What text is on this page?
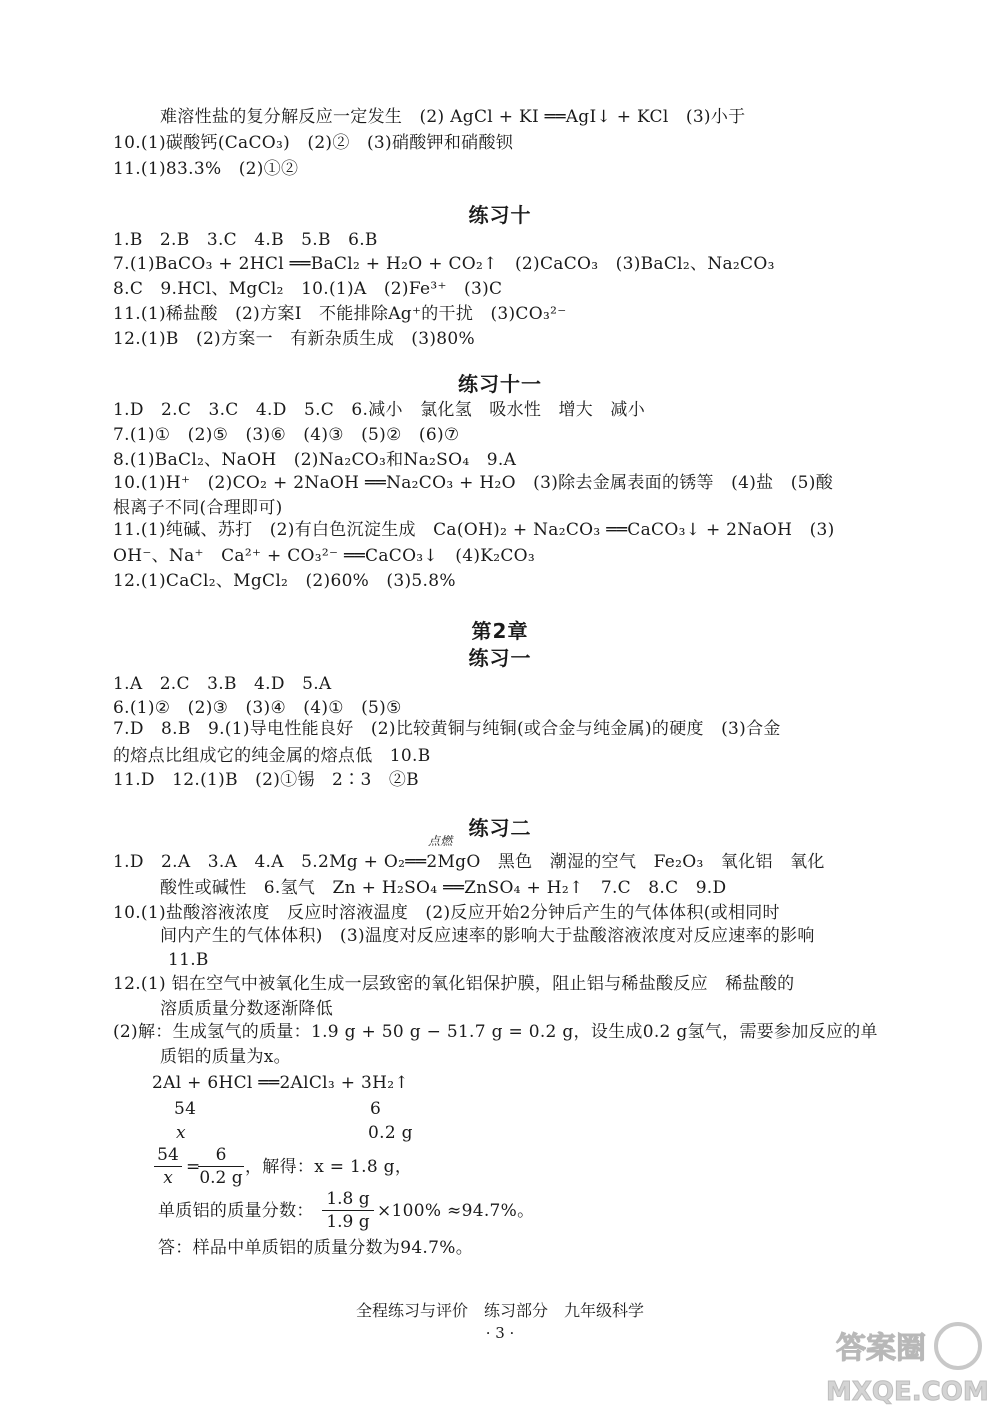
难溶性盐的复分解反应一定发生　(2) AgCl + KI ══AgI↓ + KCl　(3)小于
10.(1)碳酸钙(CaCO₃)　(2)②　(3)硝酸钾和硝酸钡
11.(1)83.3%　(2)①②
练习十
1.B　2.B　3.C　4.B　5.B　6.B
7.(1)BaCO₃ + 2HCl ══BaCl₂ + H₂O + CO₂↑　(2)CaCO₃　(3)BaCl₂、Na₂CO₃
8.C　9.HCl、MgCl₂　10.(1)A　(2)Fe³⁺　(3)C
11.(1)稀盐酸　(2)方案Ⅰ　不能排除Ag⁺的干扰　(3)CO₃²⁻
12.(1)B　(2)方案一　有新杂质生成　(3)80%
练习十一
1.D　2.C　3.C　4.D　5.C　6.减小　氯化氢　吸水性　增大　减小
7.(1)①　(2)⑤　(3)⑥　(4)③　(5)②　(6)⑦
8.(1)BaCl₂、NaOH　(2)Na₂CO₃和Na₂SO₄　9.A
10.(1)H⁺　(2)CO₂ + 2NaOH ══Na₂CO₃ + H₂O　(3)除去金属表面的锈等　(4)盐　(5)酸
根离子不同(合理即可)
11.(1)纯碱、苏打　(2)有白色沉淀生成　Ca(OH)₂ + Na₂CO₃ ══CaCO₃↓ + 2NaOH　(3)
OH⁻、Na⁺　Ca²⁺ + CO₃²⁻ ══CaCO₃↓　(4)K₂CO₃
12.(1)CaCl₂、MgCl₂　(2)60%　(3)5.8%
第2章
练习一
1.A　2.C　3.B　4.D　5.A
6.(1)②　(2)③　(3)④　(4)①　(5)⑤
7.D　8.B　9.(1)导电性能良好　(2)比较黄铜与纯铜(或合金与纯金属)的硬度　(3)合金
的熔点比组成它的纯金属的熔点低　10.B
11.D　12.(1)B　(2)①锡　2∶3　②B
练习二
点燃
1.D　2.A　3.A　4.A　5.2Mg + O₂══2MgO　黑色　潮湿的空气　Fe₂O₃　氧化铝　氧化
酸性或碱性　6.氢气　Zn + H₂SO₄ ══ZnSO₄ + H₂↑　7.C　8.C　9.D
10.(1)盐酸溶液浓度　反应时溶液温度　(2)反应开始2分钟后产生的气体体积(或相同时
间内产生的气体体积)　(3)温度对反应速率的影响大于盐酸溶液浓度对反应速率的影响
11.B
12.(1) 铝在空气中被氧化生成一层致密的氧化铝保护膜，阻止铝与稀盐酸反应　稀盐酸的
溶质质量分数逐渐降低
(2)解：生成氢气的质量：1.9 g + 50 g − 51.7 g = 0.2 g，设生成0.2 g氢气，需要参加反应的单
质铝的质量为x。
2Al + 6HCl ══2AlCl₃ + 3H₂↑
54	6
x	0.2 g
54
x
=
6
0.2 g
，解得：x = 1.8 g，
单质铝的质量分数：
1.8 g
1.9 g
×100% ≈94.7%。
答：样品中单质铝的质量分数为94.7%。
全程练习与评价　练习部分　九年级科学
· 3 ·	答案圈
MXQE.COM
